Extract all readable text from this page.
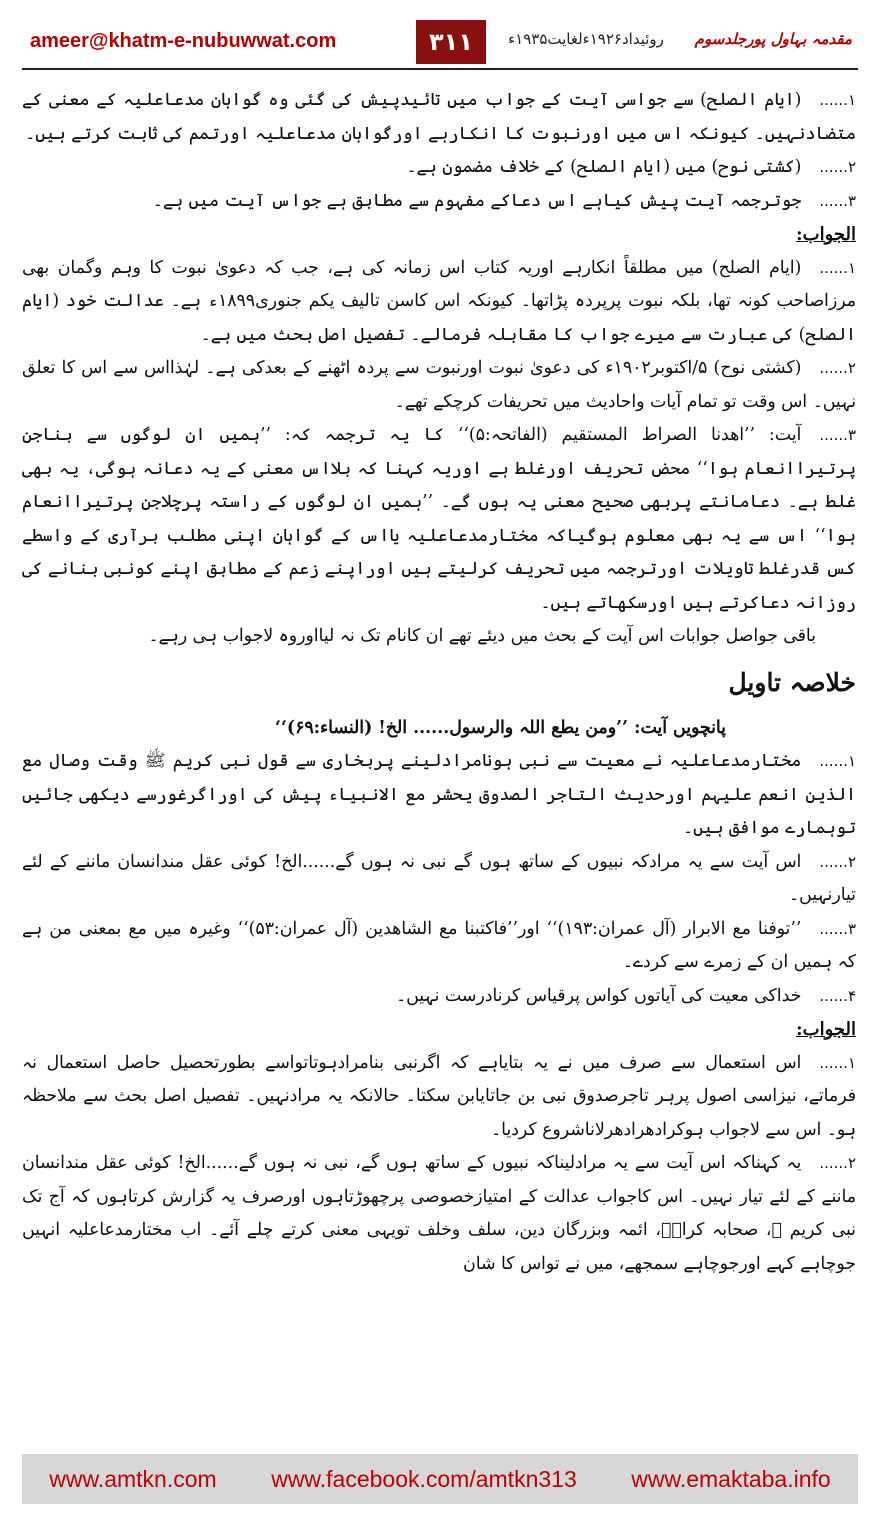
ameer@khatm-e-nubuwwat.com	۳۱۱	مقدمہ بہاول پورجلدسوم روئیداد۱۹۲۶ءلغایت۱۹۳۵ء

۱......(ایام الصلح) سے جواسی آیت کے جواب میں تائیدپیش کی گئی وہ گواہان مدعاعلیہ کے معنی کے متضادنہیں۔ کیونکہ اس میں اورنبوت کا انکارہے اورگواہان مدعاعلیہ اورتمم کی ثابت کرتے ہیں۔

۲......(کشتی نوح) میں (ایام الصلح) کے خلاف مضمون ہے۔

۳......جوترجمہ آیت پیش کیاہے اس دعاکے مفہوم سے مطابق ہے جواس آیت میں ہے۔

الجواب:

۱......(ایام الصلح) میں مطلقاً انکارہے اوریہ کتاب اس زمانہ کی ہے، جب کہ دعویٰ نبوت کا وہم وگمان بھی مرزاصاحب کونہ تھا، بلکہ نبوت پرپردہ پڑاتھا۔ کیونکہ اس کاسن تالیف یکم جنوری۱۸۹۹ء ہے۔ عدالت خود (ایام الصلح) کی عبارت سے میرے جواب کا مقابلہ فرمالے۔ تفصیل اصل بحث میں ہے۔

۲......(کشتی نوح) ۵/اکتوبر۱۹۰۲ء کی دعویٰ نبوت اورنبوت سے پردہ اٹھنے کے بعدکی ہے۔ لہٰذااس سے اس کا تعلق نہیں۔ اس وقت تو تمام آیات واحادیث میں تحریفات کرچکے تھے۔

۳......آیت: ’’اھدنا الصراط المستقیم (الفاتحہ:۵)‘‘ کا یہ ترجمہ کہ: ’’ہمیں ان لوگوں سے بناجن پرتیراانعام ہوا‘‘ محض تحریف اورغلط ہے اوریہ کہنا کہ بلااس معنی کے یہ دعانہ ہوگی، یہ بھی غلط ہے۔ دعامانتے پربھی صحیح معنی یہ ہوں گے۔ ’’ہمیں ان لوگوں کے راستہ پرچلاجن پرتیراانعام ہوا‘‘ اس سے یہ بھی معلوم ہوگیاکہ مختارمدعاعلیہ یااس کے گواہان اپنی مطلب برآری کے واسطے کس قدرغلط تاویلات اورترجمہ میں تحریف کرلیتے ہیں اوراپنے زعم کے مطابق اپنے کونبی بنانے کی روزانہ دعاکرتے ہیں اورسکھاتے ہیں۔

باقی جواصل جوابات اس آیت کے بحث میں دیئے تھے ان کانام تک نہ لیااوروہ لاجواب ہی رہے۔

خلاصہ تاویل

پانچویں آیت: ’’ومن یطع اللہ والرسول...... الخ! (النساء:۶۹)‘‘

۱......مختارمدعاعلیہ نے معیت سے نبی ہونامرادلینے پربخاری سے قول نبی کریم ﷺ وقت وصال مع الذین انعم علیہم اورحدیث التاجر الصدوق یحشر مع الانبیاء پیش کی اوراگرغورسے دیکھی جائیں توہمارے موافق ہیں۔

۲......اس آیت سے یہ مرادکہ نبیوں کے ساتھ ہوں گے نبی نہ ہوں گے......الخ! کوئی عقل مندانسان ماننے کے لئے تیارنہیں۔

۳......’’توفنا مع الابرار (آل عمران:۱۹۳)‘‘ اور’’فاکتبنا مع الشاھدین (آل عمران:۵۳)‘‘ وغیرہ میں مع بمعنی من ہے کہ ہمیں ان کے زمرے سے کردے۔

۴......خداکی معیت کی آیاتوں کواس پرقیاس کرنادرست نہیں۔

الجواب:

۱......اس استعمال سے صرف میں نے یہ بتایاہے کہ اگرنبی بنامرادہوتاتواسے بطورتحصیل حاصل استعمال نہ فرماتے، نیزاسی اصول پرہر تاجرصدوق نبی بن جاتایابن سکتا۔ حالانکہ یہ مرادنہیں۔ تفصیل اصل بحث سے ملاحظہ ہو۔ اس سے لاجواب ہوکرادھرادھرلاناشروع کردیا۔

۲......یہ کہناکہ اس آیت سے یہ مرادلیناکہ نبیوں کے ساتھ ہوں گے، نبی نہ ہوں گے......الخ! کوئی عقل مندانسان ماننے کے لئے تیار نہیں۔ اس کاجواب عدالت کے امتیازخصوصی پرچھوڑتاہوں اورصرف یہ گزارش کرتاہوں کہ آج تک نبی کریم ﷺ، صحابہ کرامؓ، ائمہ وبزرگان دین، سلف وخلف تویہی معنی کرتے چلے آئے۔ اب مختارمدعاعلیہ انہیں جوچاہے کہے اورجوچاہے سمجھے، میں نے تواس کا شان

www.amtkn.com www.facebook.com/amtkn313 www.emaktaba.info
